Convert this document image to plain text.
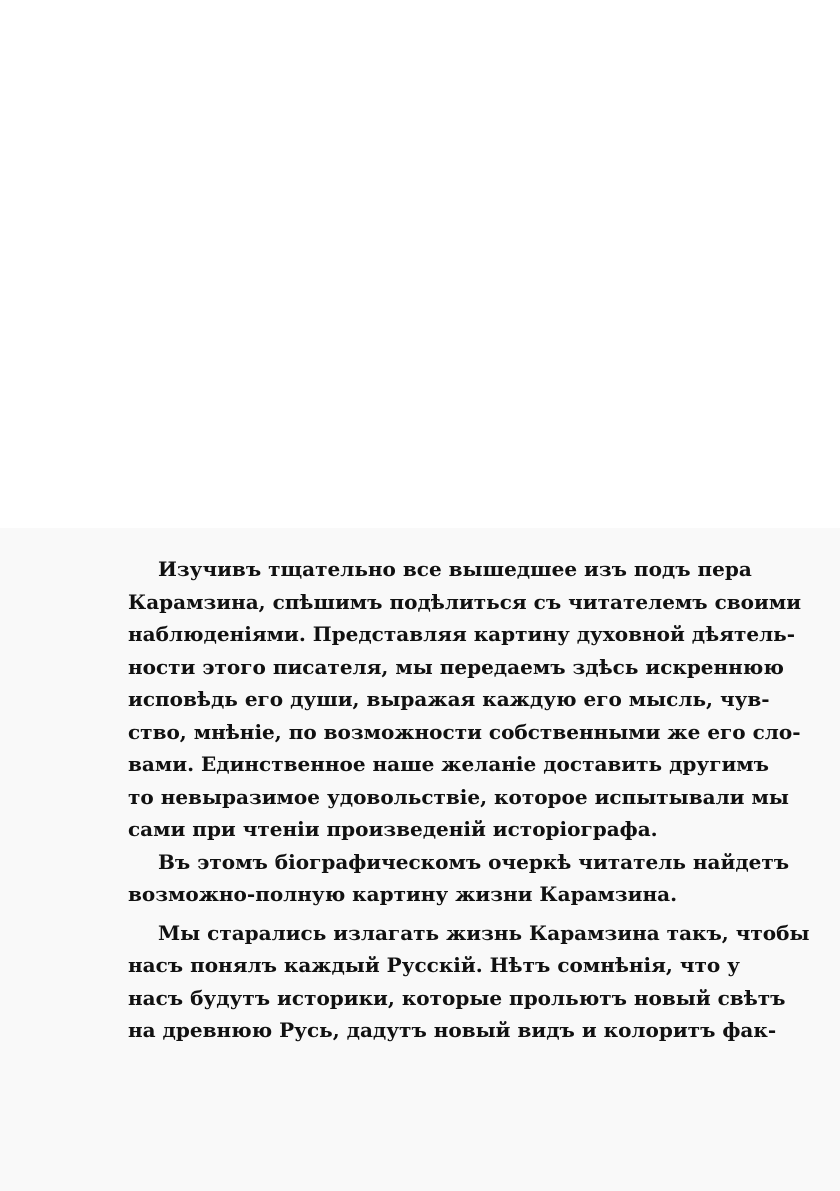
Изучивъ тщательно все вышедшее изъ подъ пера
Карамзина, спѣшимъ подѣлиться съ читателемъ своими
наблюденіями. Представляя картину духовной дѣятель-
ности этого писателя, мы передаемъ здѣсь искреннюю
исповѣдь его души, выражая каждую его мысль, чув-
ство, мнѣніе, по возможности собственными же его сло-
вами. Единственное наше желаніе доставить другимъ
то невыразимое удовольствіе, которое испытывали мы
сами при чтеніи произведеній исторіографа.
Въ этомъ біографическомъ очеркѣ читатель найдетъ
возможно-полную картину жизни Карамзина.
Мы старались излагать жизнь Карамзина такъ, чтобы
насъ понялъ каждый Русскій. Нѣтъ сомнѣнія, что у
насъ будутъ историки, которые прольютъ новый свѣтъ
на древнюю Русь, дадутъ новый видъ и колоритъ фак-
